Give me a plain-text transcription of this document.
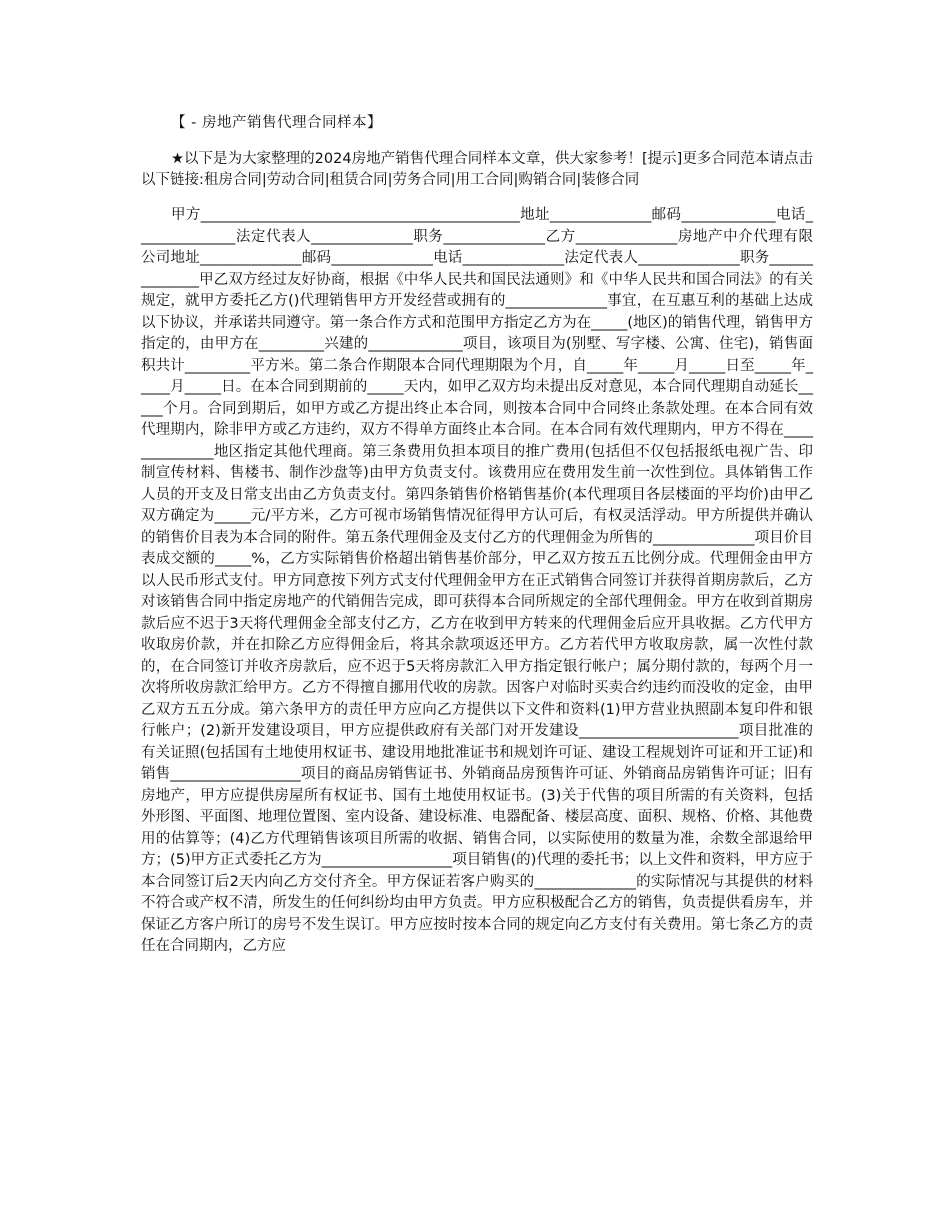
【 - 房地产销售代理合同样本】

★以下是为大家整理的2024房地产销售代理合同样本文章，供大家参考！[提示]更多合同范本请点击以下链接:租房合同|劳动合同|租赁合同|劳务合同|用工合同|购销合同|装修合同

甲方____________________________________________地址______________邮码_____________电话______________法定代表人______________职务______________乙方______________房地产中介代理有限公司地址______________邮码______________电话______________法定代表人______________职务______________甲乙双方经过友好协商，根据《中华人民共和国民法通则》和《中华人民共和国合同法》的有关规定，就甲方委托乙方()代理销售甲方开发经营或拥有的______________事宜，在互惠互利的基础上达成以下协议，并承诺共同遵守。第一条合作方式和范围甲方指定乙方为在_____(地区)的销售代理，销售甲方指定的，由甲方在_________兴建的_____________项目，该项目为(别墅、写字楼、公寓、住宅)，销售面积共计_________平方米。第二条合作期限本合同代理期限为个月，自_____年_____月_____日至_____年_____月_____日。在本合同到期前的_____天内，如甲乙双方均未提出反对意见，本合同代理期自动延长_____个月。合同到期后，如甲方或乙方提出终止本合同，则按本合同中合同终止条款处理。在本合同有效代理期内，除非甲方或乙方违约，双方不得单方面终止本合同。在本合同有效代理期内，甲方不得在______________地区指定其他代理商。第三条费用负担本项目的推广费用(包括但不仅包括报纸电视广告、印制宣传材料、售楼书、制作沙盘等)由甲方负责支付。该费用应在费用发生前一次性到位。具体销售工作人员的开支及日常支出由乙方负责支付。第四条销售价格销售基价(本代理项目各层楼面的平均价)由甲乙双方确定为_____元/平方米，乙方可视市场销售情况征得甲方认可后，有权灵活浮动。甲方所提供并确认的销售价目表为本合同的附件。第五条代理佣金及支付乙方的代理佣金为所售的______________项目价目表成交额的_____%，乙方实际销售价格超出销售基价部分，甲乙双方按五五比例分成。代理佣金由甲方以人民币形式支付。甲方同意按下列方式支付代理佣金甲方在正式销售合同签订并获得首期房款后，乙方对该销售合同中指定房地产的代销佣告完成，即可获得本合同所规定的全部代理佣金。甲方在收到首期房款后应不迟于3天将代理佣金全部支付乙方，乙方在收到甲方转来的代理佣金后应开具收据。乙方代甲方收取房价款，并在扣除乙方应得佣金后，将其余款项返还甲方。乙方若代甲方收取房款，属一次性付款的，在合同签订并收齐房款后，应不迟于5天将房款汇入甲方指定银行帐户；属分期付款的，每两个月一次将所收房款汇给甲方。乙方不得擅自挪用代收的房款。因客户对临时买卖合约违约而没收的定金，由甲乙双方五五分成。第六条甲方的责任甲方应向乙方提供以下文件和资料(1)甲方营业执照副本复印件和银行帐户；(2)新开发建设项目，甲方应提供政府有关部门对开发建设______________________项目批准的有关证照(包括国有土地使用权证书、建设用地批准证书和规划许可证、建设工程规划许可证和开工证)和销售__________________项目的商品房销售证书、外销商品房预售许可证、外销商品房销售许可证；旧有房地产，甲方应提供房屋所有权证书、国有土地使用权证书。(3)关于代售的项目所需的有关资料，包括外形图、平面图、地理位置图、室内设备、建设标准、电器配备、楼层高度、面积、规格、价格、其他费用的估算等；(4)乙方代理销售该项目所需的收据、销售合同，以实际使用的数量为准，余数全部退给甲方；(5)甲方正式委托乙方为__________________项目销售(的)代理的委托书；以上文件和资料，甲方应于本合同签订后2天内向乙方交付齐全。甲方保证若客户购买的______________的实际情况与其提供的材料不符合或产权不清，所发生的任何纠纷均由甲方负责。甲方应积极配合乙方的销售，负责提供看房车，并保证乙方客户所订的房号不发生误订。甲方应按时按本合同的规定向乙方支付有关费用。第七条乙方的责任在合同期内，乙方应
